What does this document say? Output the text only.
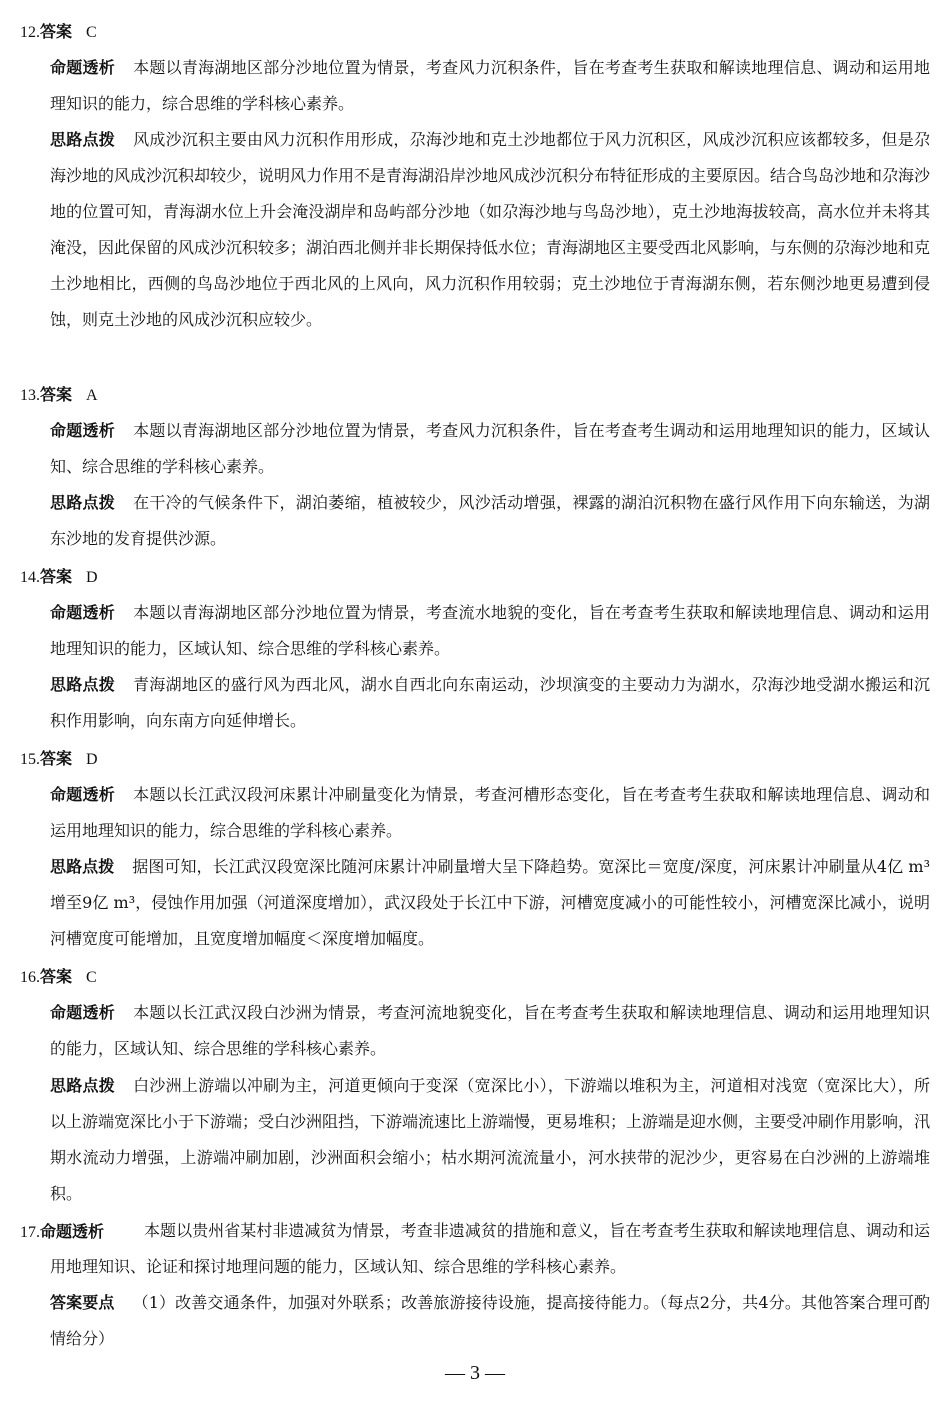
12.答案 C
命题透析 本题以青海湖地区部分沙地位置为情景，考查风力沉积条件，旨在考查考生获取和解读地理信息、调动和运用地理知识的能力，综合思维的学科核心素养。
思路点拨 风成沙沉积主要由风力沉积作用形成，尕海沙地和克土沙地都位于风力沉积区，风成沙沉积应该都较多，但是尕海沙地的风成沙沉积却较少，说明风力作用不是青海湖沿岸沙地风成沙沉积分布特征形成的主要原因。结合鸟岛沙地和尕海沙地的位置可知，青海湖水位上升会淹没湖岸和岛屿部分沙地（如尕海沙地与鸟岛沙地），克土沙地海拔较高，高水位并未将其淹没，因此保留的风成沙沉积较多；湖泊西北侧并非长期保持低水位；青海湖地区主要受西北风影响，与东侧的尕海沙地和克土沙地相比，西侧的鸟岛沙地位于西北风的上风向，风力沉积作用较弱；克土沙地位于青海湖东侧，若东侧沙地更易遭到侵蚀，则克土沙地的风成沙沉积应较少。
13.答案 A
命题透析 本题以青海湖地区部分沙地位置为情景，考查风力沉积条件，旨在考查考生调动和运用地理知识的能力，区域认知、综合思维的学科核心素养。
思路点拨 在干冷的气候条件下，湖泊萎缩，植被较少，风沙活动增强，裸露的湖泊沉积物在盛行风作用下向东输送，为湖东沙地的发育提供沙源。
14.答案 D
命题透析 本题以青海湖地区部分沙地位置为情景，考查流水地貌的变化，旨在考查考生获取和解读地理信息、调动和运用地理知识的能力，区域认知、综合思维的学科核心素养。
思路点拨 青海湖地区的盛行风为西北风，湖水自西北向东南运动，沙坝演变的主要动力为湖水，尕海沙地受湖水搬运和沉积作用影响，向东南方向延伸增长。
15.答案 D
命题透析 本题以长江武汉段河床累计冲刷量变化为情景，考查河槽形态变化，旨在考查考生获取和解读地理信息、调动和运用地理知识的能力，综合思维的学科核心素养。
思路点拨 据图可知，长江武汉段宽深比随河床累计冲刷量增大呈下降趋势。宽深比＝宽度/深度，河床累计冲刷量从4亿 m³ 增至9亿 m³，侵蚀作用加强（河道深度增加），武汉段处于长江中下游，河槽宽度减小的可能性较小，河槽宽深比减小，说明河槽宽度可能增加，且宽度增加幅度＜深度增加幅度。
16.答案 C
命题透析 本题以长江武汉段白沙洲为情景，考查河流地貌变化，旨在考查考生获取和解读地理信息、调动和运用地理知识的能力，区域认知、综合思维的学科核心素养。
思路点拨 白沙洲上游端以冲刷为主，河道更倾向于变深（宽深比小），下游端以堆积为主，河道相对浅宽（宽深比大），所以上游端宽深比小于下游端；受白沙洲阻挡，下游端流速比上游端慢，更易堆积；上游端是迎水侧，主要受冲刷作用影响，汛期水流动力增强，上游端冲刷加剧，沙洲面积会缩小；枯水期河流流量小，河水挟带的泥沙少，更容易在白沙洲的上游端堆积。
17.命题透析	本题以贵州省某村非遗减贫为情景，考查非遗减贫的措施和意义，旨在考查考生获取和解读地理信息、调动和运用地理知识、论证和探讨地理问题的能力，区域认知、综合思维的学科核心素养。
答案要点 （1）改善交通条件，加强对外联系；改善旅游接待设施，提高接待能力。（每点2分，共4分。其他答案合理可酌情给分）
— 3 —
